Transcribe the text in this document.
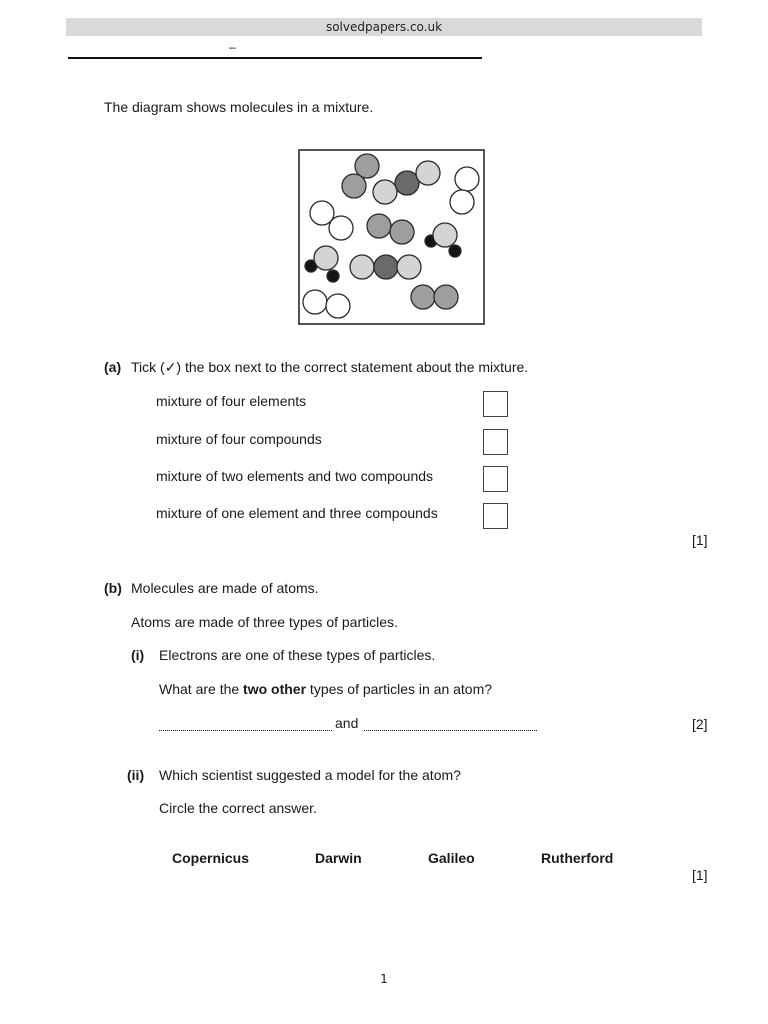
solvedpapers.co.uk
–
The diagram shows molecules in a mixture.
(a) Tick (✓) the box next to the correct statement about the mixture.
mixture of four elements
mixture of four compounds
mixture of two elements and two compounds
mixture of one element and three compounds
[1]
(b) Molecules are made of atoms.
Atoms are made of three types of particles.
(i) Electrons are one of these types of particles.
What are the two other types of particles in an atom?
and	[2]
(ii) Which scientist suggested a model for the atom?
Circle the correct answer.
Copernicus	Darwin	Galileo	Rutherford
[1]
1
